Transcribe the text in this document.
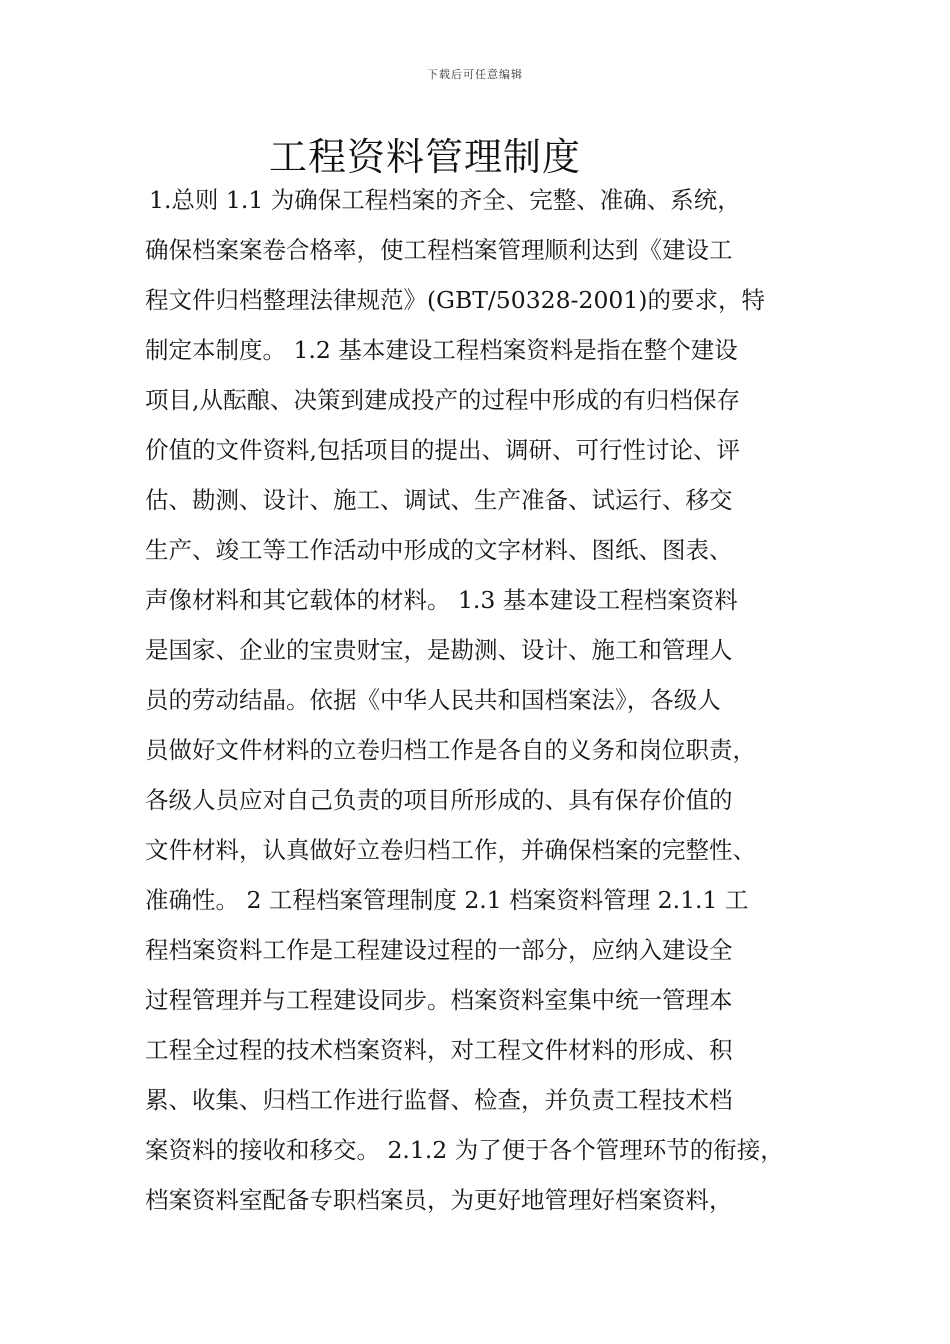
下载后可任意编辑
工程资料管理制度
1.总则 1.1 为确保工程档案的齐全、完整、准确、系统，
确保档案案卷合格率，使工程档案管理顺利达到《建设工
程文件归档整理法律规范》(GBT/50328-2001)的要求，特
制定本制度。 1.2 基本建设工程档案资料是指在整个建设
项目,从酝酿、决策到建成投产的过程中形成的有归档保存
价值的文件资料,包括项目的提出、调研、可行性讨论、评
估、勘测、设计、施工、调试、生产准备、试运行、移交
生产、竣工等工作活动中形成的文字材料、图纸、图表、
声像材料和其它载体的材料。 1.3 基本建设工程档案资料
是国家、企业的宝贵财宝，是勘测、设计、施工和管理人
员的劳动结晶。依据《中华人民共和国档案法》，各级人
员做好文件材料的立卷归档工作是各自的义务和岗位职责，
各级人员应对自己负责的项目所形成的、具有保存价值的
文件材料，认真做好立卷归档工作，并确保档案的完整性、
准确性。 2 工程档案管理制度 2.1 档案资料管理 2.1.1 工
程档案资料工作是工程建设过程的一部分，应纳入建设全
过程管理并与工程建设同步。档案资料室集中统一管理本
工程全过程的技术档案资料，对工程文件材料的形成、积
累、收集、归档工作进行监督、检查，并负责工程技术档
案资料的接收和移交。 2.1.2 为了便于各个管理环节的衔接，
档案资料室配备专职档案员，为更好地管理好档案资料，
